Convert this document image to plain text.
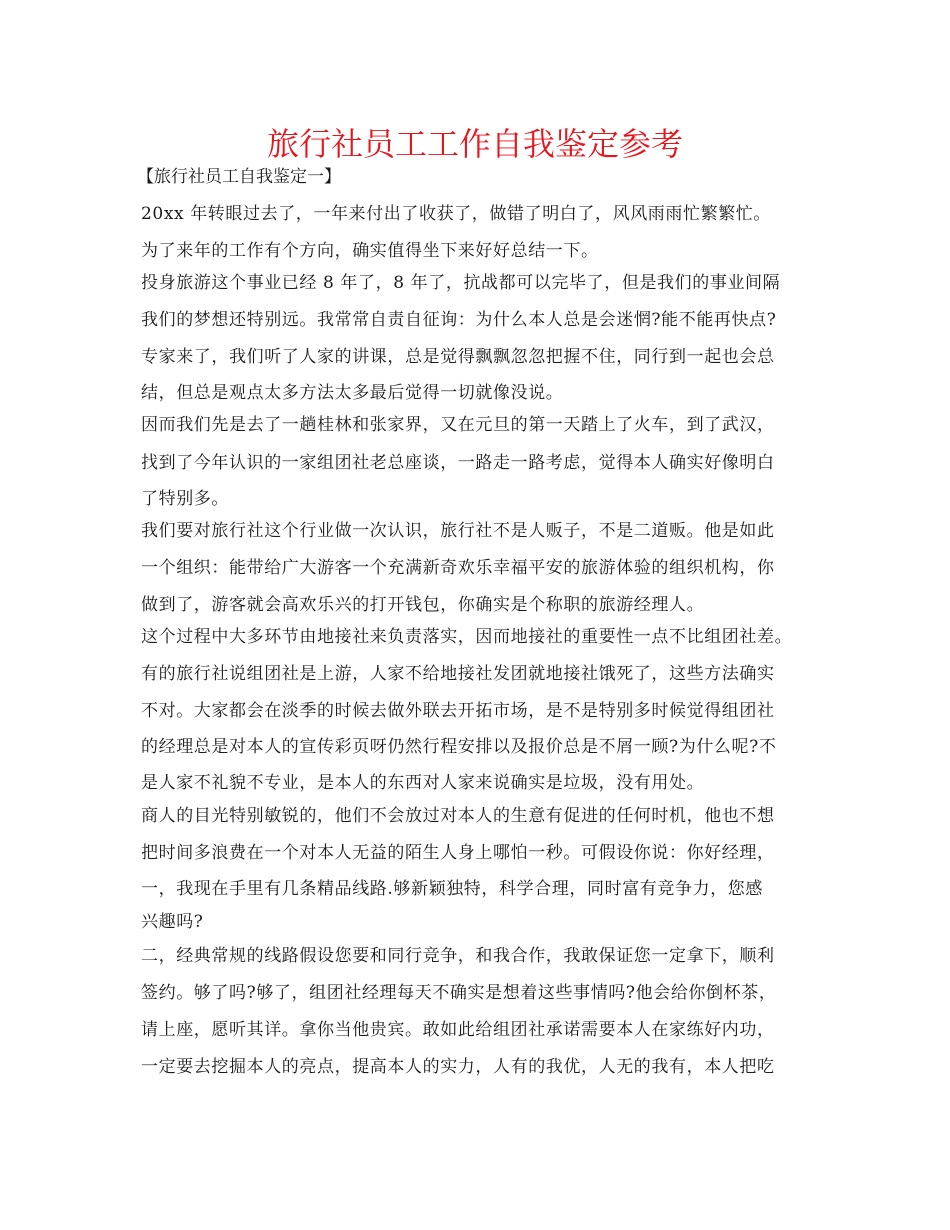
旅行社员工工作自我鉴定参考
【旅行社员工自我鉴定一】
20xx 年转眼过去了，一年来付出了收获了，做错了明白了，风风雨雨忙繁繁忙。
为了来年的工作有个方向，确实值得坐下来好好总结一下。
投身旅游这个事业已经 8 年了，8 年了，抗战都可以完毕了，但是我们的事业间隔
我们的梦想还特别远。我常常自责自征询：为什么本人总是会迷惘?能不能再快点?
专家来了，我们听了人家的讲课，总是觉得飘飘忽忽把握不住，同行到一起也会总
结，但总是观点太多方法太多最后觉得一切就像没说。
因而我们先是去了一趟桂林和张家界，又在元旦的第一天踏上了火车，到了武汉，
找到了今年认识的一家组团社老总座谈，一路走一路考虑，觉得本人确实好像明白
了特别多。
我们要对旅行社这个行业做一次认识，旅行社不是人贩子，不是二道贩。他是如此
一个组织：能带给广大游客一个充满新奇欢乐幸福平安的旅游体验的组织机构，你
做到了，游客就会高欢乐兴的打开钱包，你确实是个称职的旅游经理人。
这个过程中大多环节由地接社来负责落实，因而地接社的重要性一点不比组团社差。
有的旅行社说组团社是上游，人家不给地接社发团就地接社饿死了，这些方法确实
不对。大家都会在淡季的时候去做外联去开拓市场，是不是特别多时候觉得组团社
的经理总是对本人的宣传彩页呀仍然行程安排以及报价总是不屑一顾?为什么呢?不
是人家不礼貌不专业，是本人的东西对人家来说确实是垃圾，没有用处。
商人的目光特别敏锐的，他们不会放过对本人的生意有促进的任何时机，他也不想
把时间多浪费在一个对本人无益的陌生人身上哪怕一秒。可假设你说：你好经理，
一，我现在手里有几条精品线路.够新颖独特，科学合理，同时富有竞争力，您感
兴趣吗?
二，经典常规的线路假设您要和同行竞争，和我合作，我敢保证您一定拿下，顺利
签约。够了吗?够了，组团社经理每天不确实是想着这些事情吗?他会给你倒杯茶，
请上座，愿听其详。拿你当他贵宾。敢如此给组团社承诺需要本人在家练好内功，
一定要去挖掘本人的亮点，提高本人的实力，人有的我优，人无的我有，本人把吃
